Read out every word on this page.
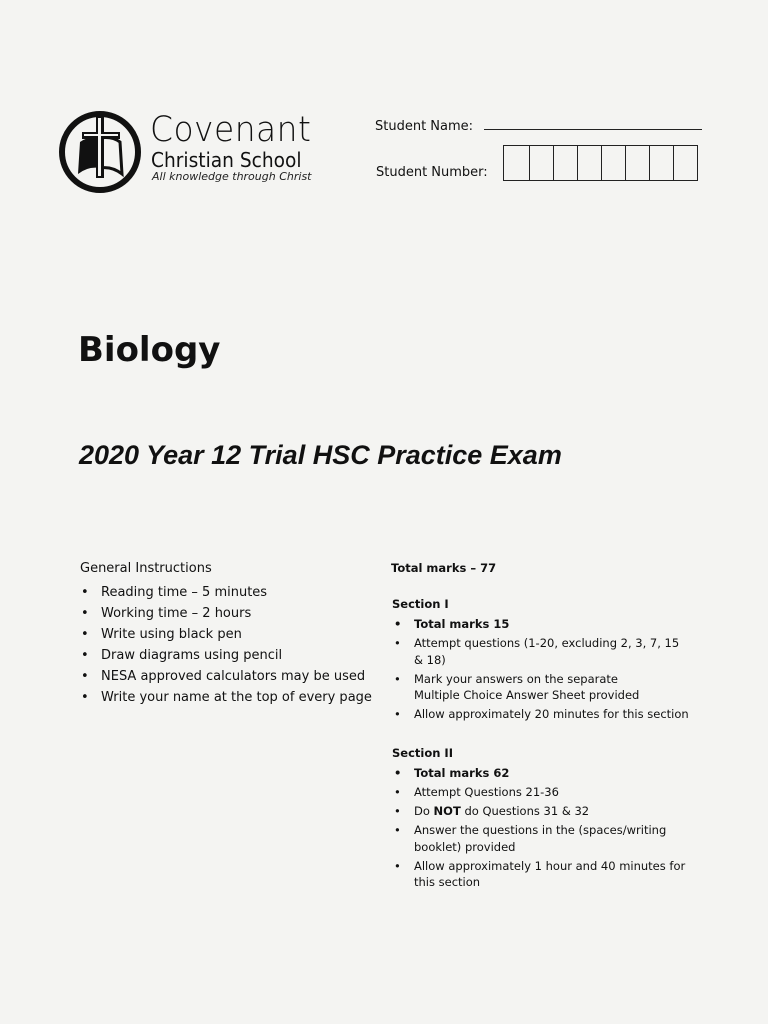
Covenant
Christian School
All knowledge through Christ
Student Name:
Student Number:
Biology
2020 Year 12 Trial HSC Practice Exam
General Instructions
• Reading time – 5 minutes
• Working time – 2 hours
• Write using black pen
• Draw diagrams using pencil
• NESA approved calculators may be used
• Write your name at the top of every page
Total marks – 77
Section I
• Total marks 15
• Attempt questions (1-20, excluding 2, 3, 7, 15 & 18)
• Mark your answers on the separate Multiple Choice Answer Sheet provided
• Allow approximately 20 minutes for this section
Section II
• Total marks 62
• Attempt Questions 21-36
• Do NOT do Questions 31 & 32
• Answer the questions in the (spaces/writing booklet) provided
• Allow approximately 1 hour and 40 minutes for this section
